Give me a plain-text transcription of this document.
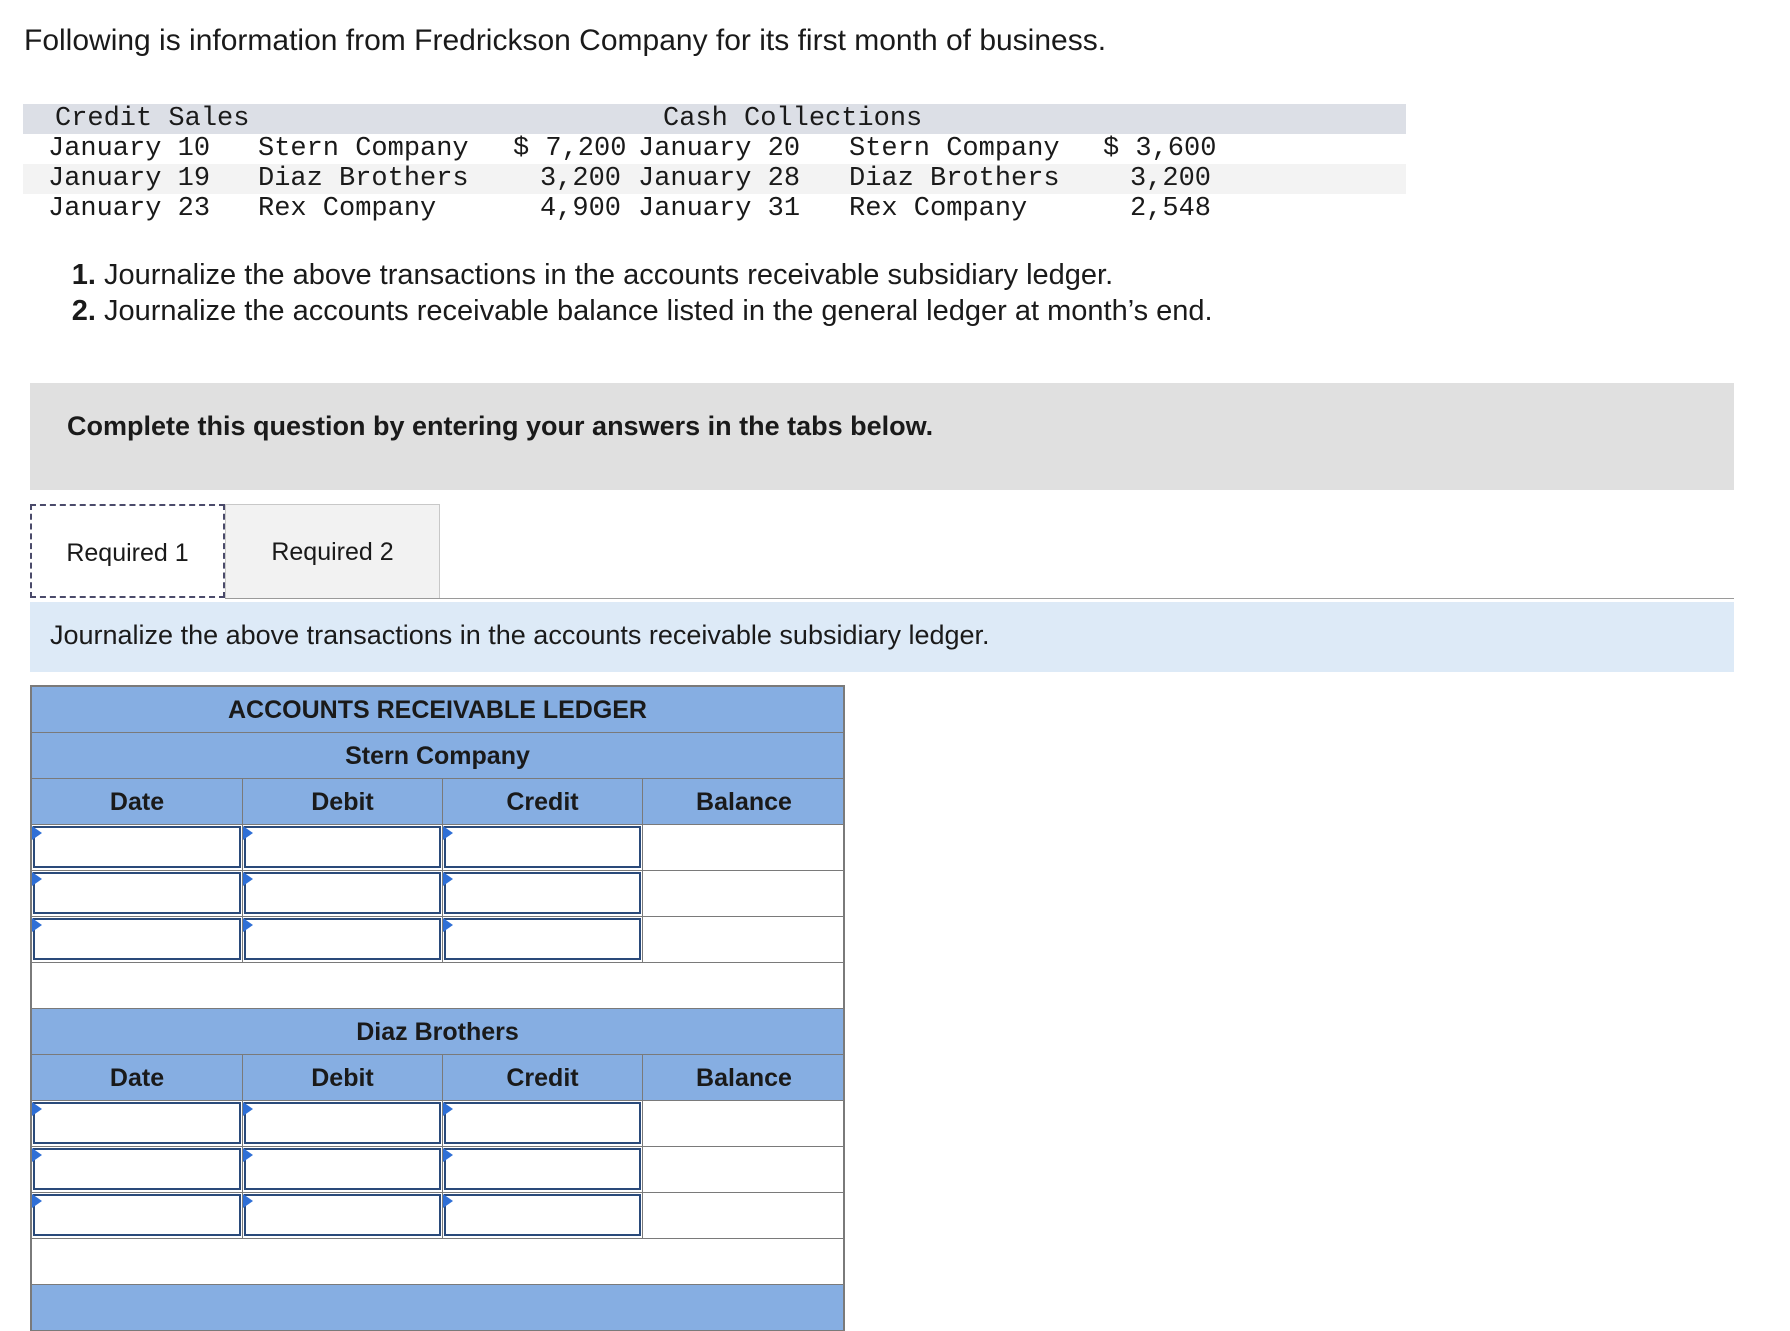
Following is information from Fredrickson Company for its first month of business.
Credit Sales	Cash Collections
January 10 Stern Company $ 7,200 January 20 Stern Company $ 3,600
January 19 Diaz Brothers	3,200 January 28 Diaz Brothers	3,200
January 23 Rex Company	4,900 January 31 Rex Company	2,548
1. Journalize the above transactions in the accounts receivable subsidiary ledger.
2. Journalize the accounts receivable balance listed in the general ledger at month’s end.
Complete this question by entering your answers in the tabs below.
Required 1	Required 2
Journalize the above transactions in the accounts receivable subsidiary ledger.
ACCOUNTS RECEIVABLE LEDGER
Stern Company
Date	Debit	Credit	Balance
Diaz Brothers
Date	Debit	Credit	Balance
